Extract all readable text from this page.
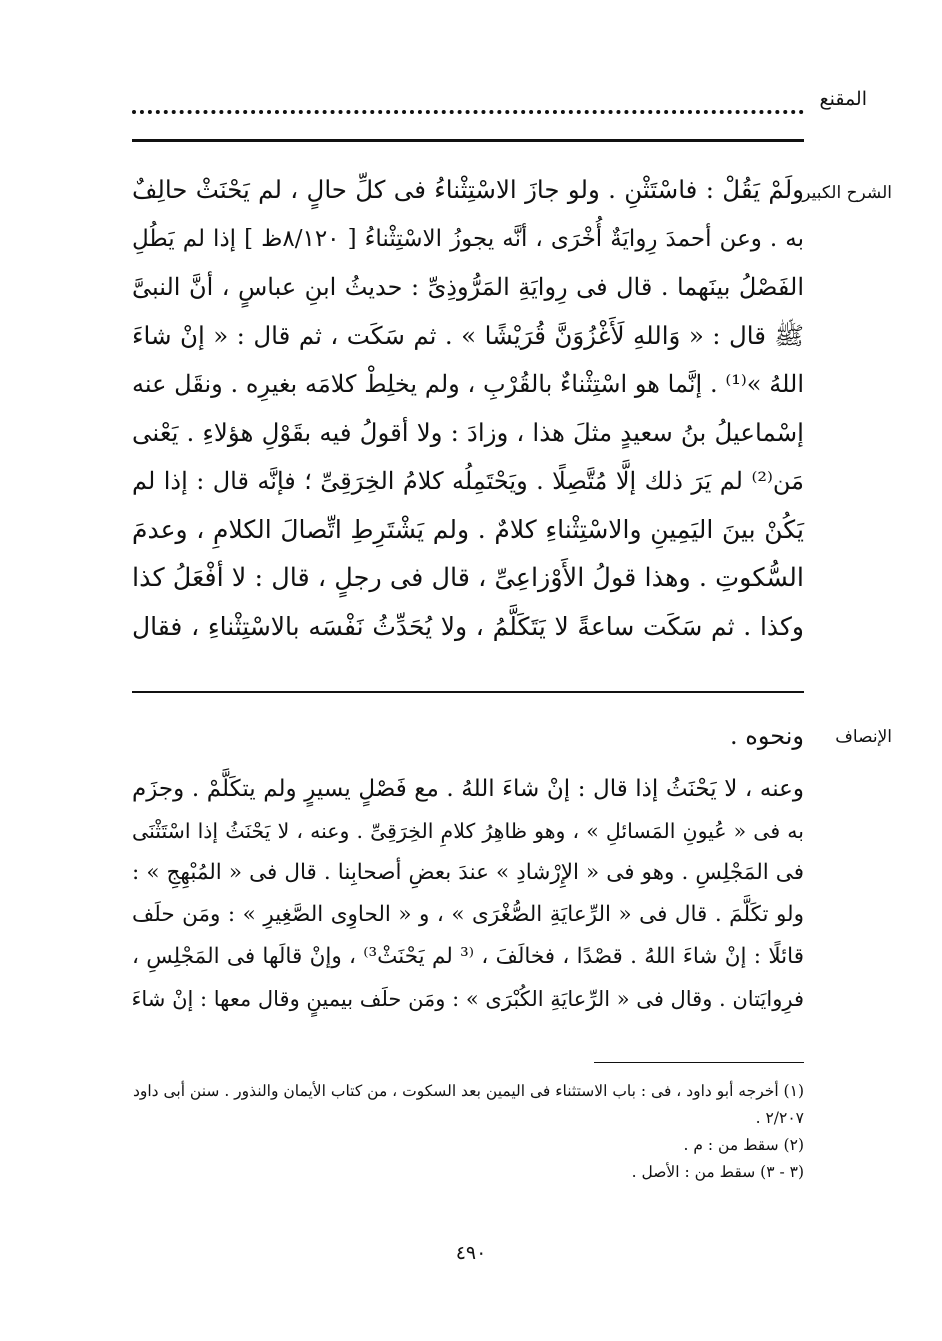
المقنع
الشرح الكبير
ولَمْ يَقُلْ : فاسْتَثْنِ . ولو جازَ الاسْتِثْناءُ فى كلِّ حالٍ ، لم يَحْنَثْ حالِفٌ
به . وعن أحمدَ رِوايَةٌ أُخْرَى ، أنَّه يجوزُ الاسْتِثْناءُ [ ٨/١٢٠ظ ] إذا لم يَطُلِ
الفَصْلُ بينَهما . قال فى رِوايَةِ المَرُّوذِىِّ : حديثُ ابنِ عباسٍ ، أنَّ النبىَّ
ﷺ قال : « وَاللهِ لَأَغْزُوَنَّ قُرَيْشًا » . ثم سَكَت ، ثم قال : « إنْ شاءَ
اللهُ »⁽¹⁾ . إنَّما هو اسْتِثْناءٌ بالقُرْبِ ، ولم يخلِطْ كلامَه بغيرِه . ونقَل عنه
إسْماعيلُ بنُ سعيدٍ مثلَ هذا ، وزادَ : ولا أقولُ فيه بقَوْلِ هؤلاءِ . يَعْنى
مَن⁽²⁾ لم يَرَ ذلك إلَّا مُتَّصِلًا . ويَحْتَمِلُه كلامُ الخِرَقِىِّ ؛ فإنَّه قال : إذا لم
يَكُنْ بينَ اليَمِينِ والاسْتِثْناءِ كلامٌ . ولم يَشْتَرِطِ اتِّصالَ الكلامِ ، وعدمَ
السُّكوتِ . وهذا قولُ الأَوْزاعِىِّ ، قال فى رجلٍ ، قال : لا أفْعَلُ كذا
وكذا . ثم سَكَت ساعةً لا يَتَكَلَّمُ ، ولا يُحَدِّثُ نَفْسَه بالاسْتِثْناءِ ، فقال
الإنصاف
ونحوه .
وعنه ، لا يَحْنَثُ إذا قال : إنْ شاءَ اللهُ . مع فَصْلٍ يسيرٍ ولم يتكَلَّمْ . وجزَم
به فى « عُيونِ المَسائلِ » ، وهو ظاهِرُ كلامِ الخِرَقِىِّ . وعنه ، لا يَحْنَثُ إذا اسْتَثْنَى
فى المَجْلِسِ . وهو فى « الإِرْشادِ » عندَ بعضِ أصحابِنا . قال فى « المُبْهِجِ » :
ولو تكَلَّمَ . قال فى « الرِّعايَةِ الصُّغْرَى » ، و « الحاوِى الصَّغِيرِ » : ومَن حلَف
قائلًا : إنْ شاءَ اللهُ . قصْدًا ، فخالَفَ ، ⁽³ لم يَحْنَثْ³⁾ ، وإنْ قالَها فى المَجْلِسِ ،
فرِوايَتان . وقال فى « الرِّعايَةِ الكُبْرَى » : ومَن حلَف بيمينٍ وقال معها : إنْ شاءَ

(١) أخرجه أبو داود ، فى : باب الاستثناء فى اليمين بعد السكوت ، من كتاب الأيمان والنذور . سنن أبى داود

٢/٢٠٧ .

(٢) سقط من : م .

(٣ - ٣) سقط من : الأصل .

٤٩٠
